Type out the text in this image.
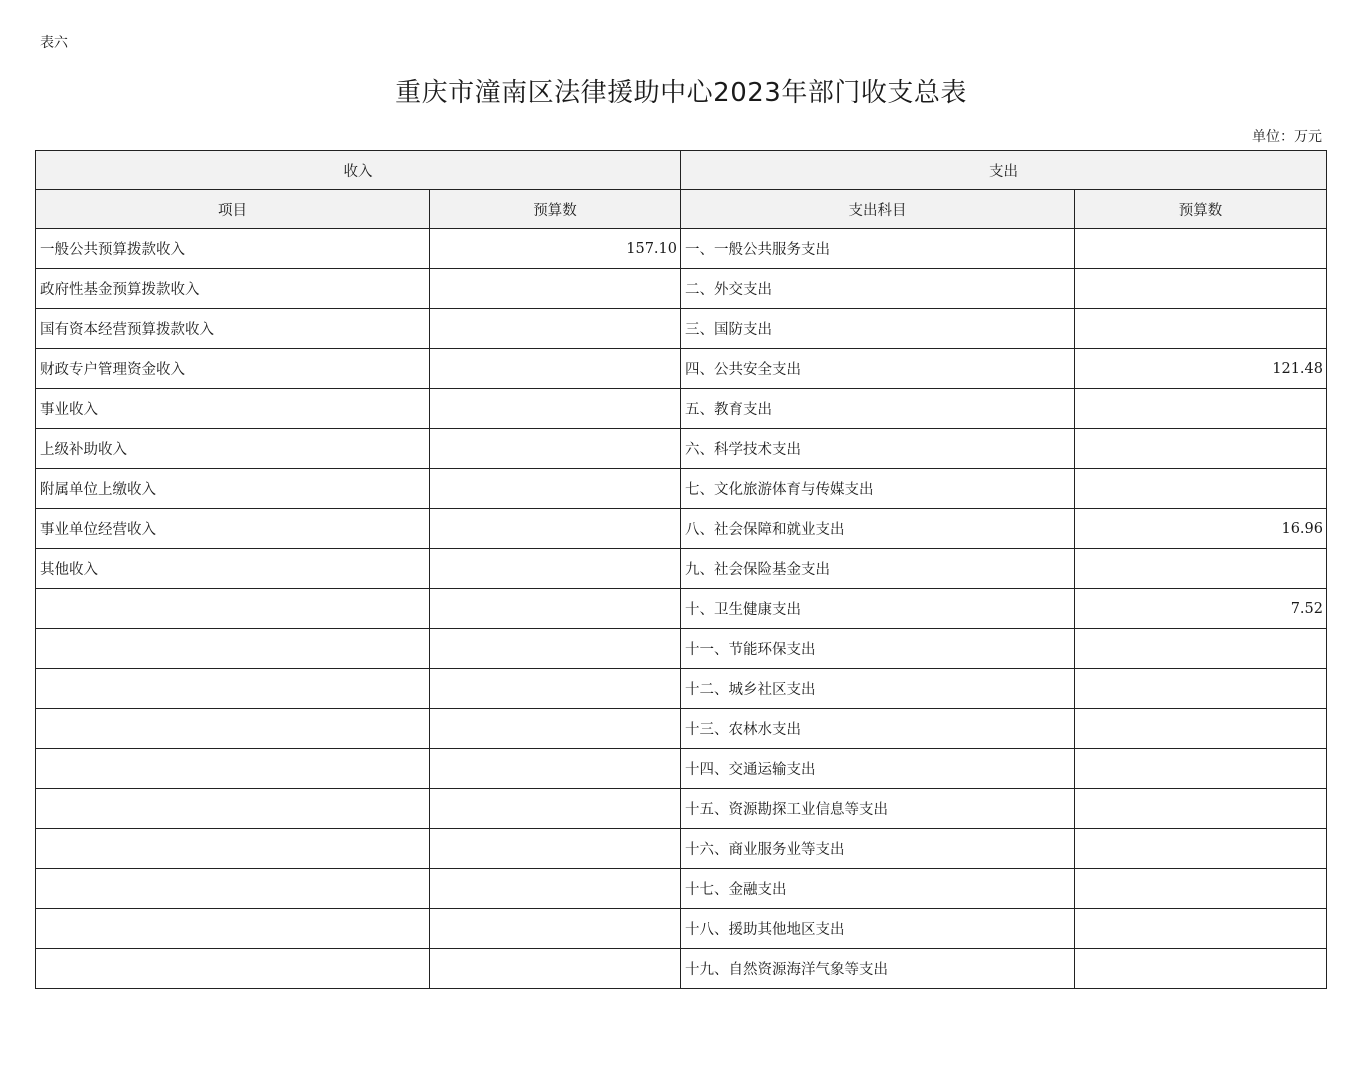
表六
重庆市潼南区法律援助中心2023年部门收支总表
单位：万元
收入		支出	
项目	预算数	支出科目	预算数
一般公共预算拨款收入	157.10	一、一般公共服务支出	
政府性基金预算拨款收入		二、外交支出	
国有资本经营预算拨款收入		三、国防支出	
财政专户管理资金收入		四、公共安全支出	121.48
事业收入		五、教育支出	
上级补助收入		六、科学技术支出	
附属单位上缴收入		七、文化旅游体育与传媒支出	
事业单位经营收入		八、社会保障和就业支出	16.96
其他收入		九、社会保险基金支出	
		十、卫生健康支出	7.52
		十一、节能环保支出	
		十二、城乡社区支出	
		十三、农林水支出	
		十四、交通运输支出	
		十五、资源勘探工业信息等支出	
		十六、商业服务业等支出	
		十七、金融支出	
		十八、援助其他地区支出	
		十九、自然资源海洋气象等支出	
